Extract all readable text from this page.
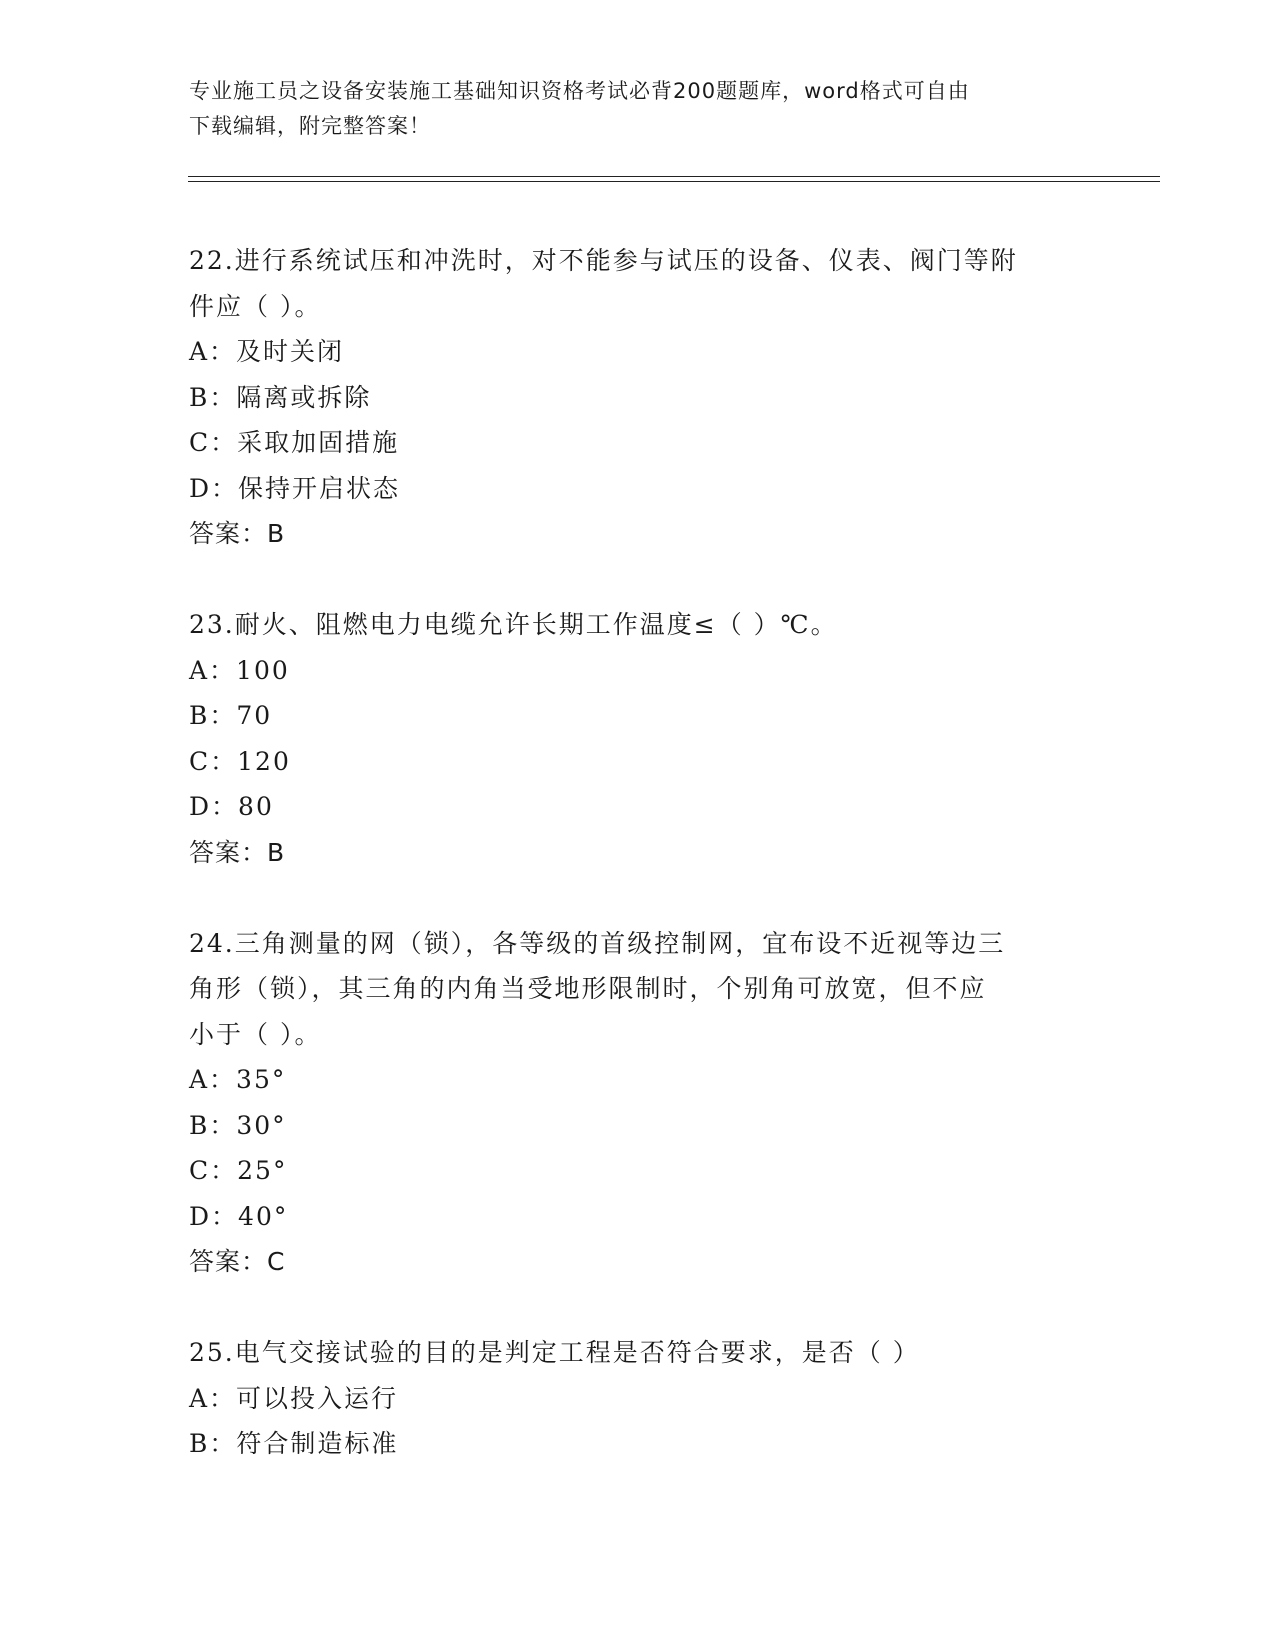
专业施工员之设备安装施工基础知识资格考试必背200题题库，word格式可自由
下载编辑，附完整答案！
22.进行系统试压和冲洗时，对不能参与试压的设备、仪表、阀门等附
件应（ ）。
A：及时关闭
B：隔离或拆除
C：采取加固措施
D：保持开启状态
答案：B
23.耐火、阻燃电力电缆允许长期工作温度≤（ ）℃。
A：100
B：70
C：120
D：80
答案：B
24.三角测量的网（锁），各等级的首级控制网，宜布设不近视等边三
角形（锁），其三角的内角当受地形限制时，个别角可放宽，但不应
小于（ ）。
A：35°
B：30°
C：25°
D：40°
答案：C
25.电气交接试验的目的是判定工程是否符合要求，是否（ ）
A：可以投入运行
B：符合制造标准
